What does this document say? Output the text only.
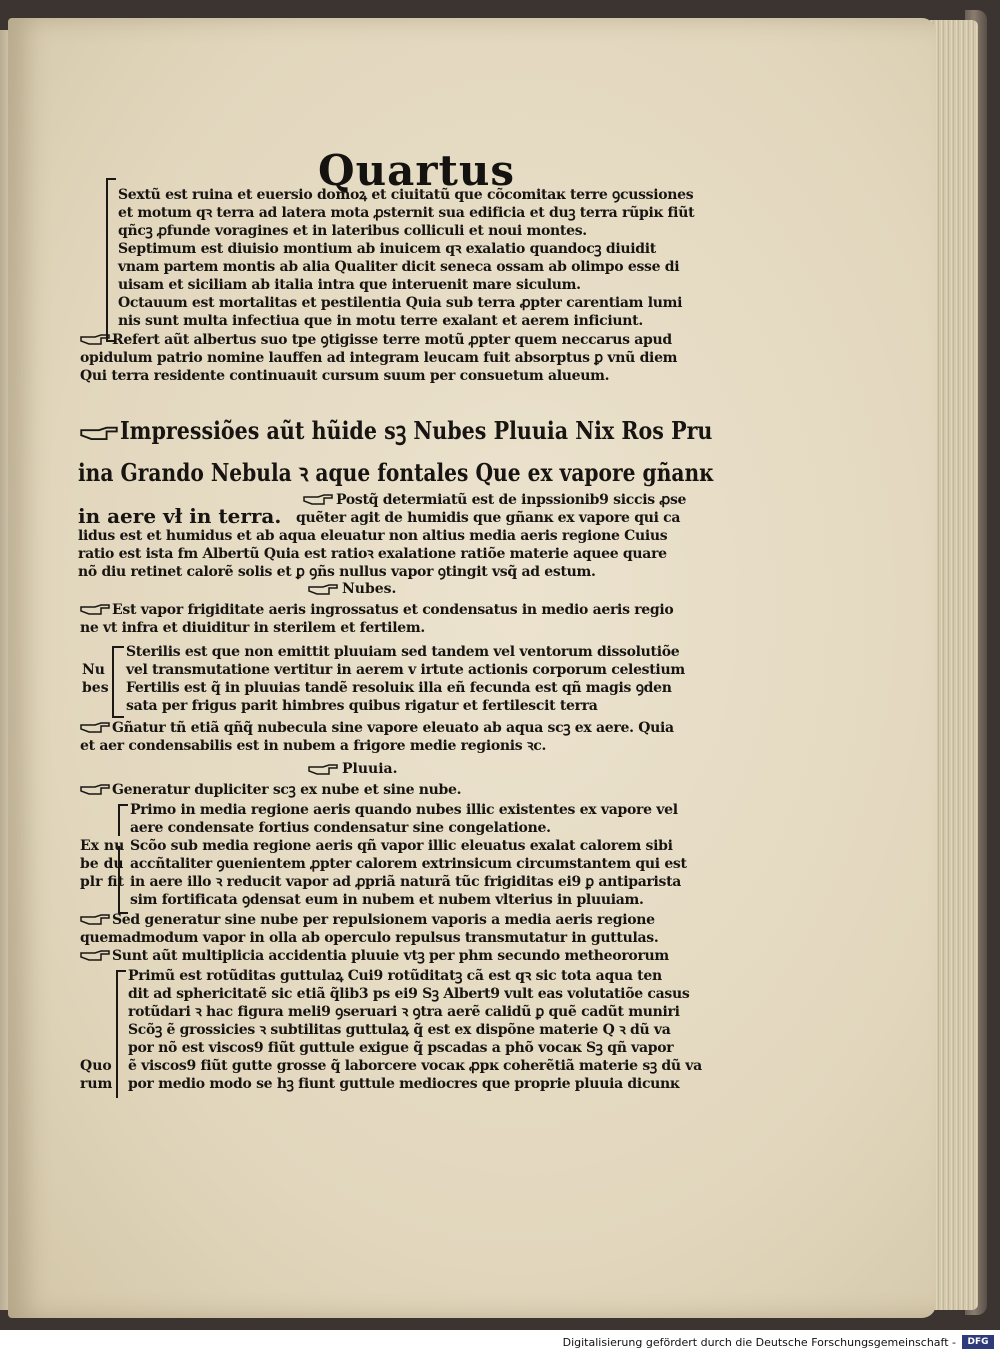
Quartus
Sextũ est ruina et euersio domoꝝ et ciuitatũ que cõcomitaĸ terre ꝯcussiones
et motum qꝛ terra ad latera mota ꝓsternit sua edificia et duꝫ terra rũpiĸ fiũt
qñcꝫ ꝓfunde voragines et in lateribus colliculi et noui montes.
Septimum est diuisio montium ab inuicem qꝛ exalatio quandocꝫ diuidit
vnam partem montis ab alia Qualiter dicit seneca ossam ab olimpo esse di
uisam et siciliam ab italia intra que interuenit mare siculum.
Octauum est mortalitas et pestilentia Quia sub terra ꝓpter carentiam lumi
nis sunt multa infectiua que in motu terre exalant et aerem inficiunt.
Refert aũt albertus suo tpe ꝯtigisse terre motũ ꝓpter quem neccarus apud
opidulum patrio nomine lauffen ad integram leucam fuit absorptus ꝑ vnũ diem
Qui terra residente continuauit cursum suum per consuetum alueum.
Impressiões aũt hũide sꝫ Nubes Pluuia Nix Ros Pru
ina Grando Nebula ꝛ aque fontales Que ex vapore gñanĸ
in aere vł in terra.
Postq̃ determiatũ est de inpssionib9 siccis ꝓse
quẽter agit de humidis que gñanĸ ex vapore qui ca
lidus est et humidus et ab aqua eleuatur non altius media aeris regione Cuius
ratio est ista fm Albertũ Quia est ratioꝛ exalatione ratiõe materie aquee quare
nõ diu retinet calorẽ solis et ꝑ ꝯñs nullus vapor ꝯtingit vsq̃ ad estum.
Nubes.
Est vapor frigiditate aeris ingrossatus et condensatus in medio aeris regio
ne vt infra et diuiditur in sterilem et fertilem.
Nu
bes
Sterilis est que non emittit pluuiam sed tandem vel ventorum dissolutiõe
vel transmutatione vertitur in aerem v irtute actionis corporum celestium
Fertilis est q̃ in pluuias tandẽ resoluiĸ illa eñ fecunda est qñ magis ꝯden
sata per frigus parit himbres quibus rigatur et fertilescit terra
Gñatur tñ etiã qñq̃ nubecula sine vapore eleuato ab aqua scꝫ ex aere. Quia
et aer condensabilis est in nubem a frigore medie regionis ꝛc.
Pluuia.
Generatur dupliciter scꝫ ex nube et sine nube.
Primo in media regione aeris quando nubes illic existentes ex vapore vel
aere condensate fortius condensatur sine congelatione.
Ex nu
be du
plr fit
Scõo sub media regione aeris qñ vapor illic eleuatus exalat calorem sibi
accñtaliter ꝯuenientem ꝓpter calorem extrinsicum circumstantem qui est
in aere illo ꝛ reducit vapor ad ꝓpriã naturã tũc frigiditas ei9 ꝑ antiparista
sim fortificata ꝯdensat eum in nubem et nubem vlterius in pluuiam.
Sed generatur sine nube per repulsionem vaporis a media aeris regione
quemadmodum vapor in olla ab operculo repulsus transmutatur in guttulas.
Sunt aũt multiplicia accidentia pluuie vtꝫ per phm secundo metheororum
Primũ est rotũditas guttulaꝝ Cui9 rotũditatꝫ cã est qꝛ sic tota aqua ten
dit ad sphericitatẽ sic etiã q̃lib3 ps ei9 Sꝫ Albert9 vult eas volutatiõe casus
rotũdari ꝛ hac figura meli9 ꝯseruari ꝛ ꝯtra aerẽ calidũ ꝑ quẽ cadũt muniri
Scõꝫ ẽ grossicies ꝛ subtilitas guttulaꝝ q̃ est ex dispõne materie Q ꝛ dũ va
por nõ est viscos9 fiũt guttule exigue q̃ pscadas a phõ vocaĸ Sꝫ qñ vapor
Quo
rum
ẽ viscos9 fiũt gutte grosse q̃ laborcere vocaĸ ꝓpĸ coherẽtiã materie sꝫ dũ va
por medio modo se hꝫ fiunt guttule mediocres que proprie pluuia dicunĸ
Digitalisierung gefördert durch die Deutsche Forschungsgemeinschaft -	DFG
